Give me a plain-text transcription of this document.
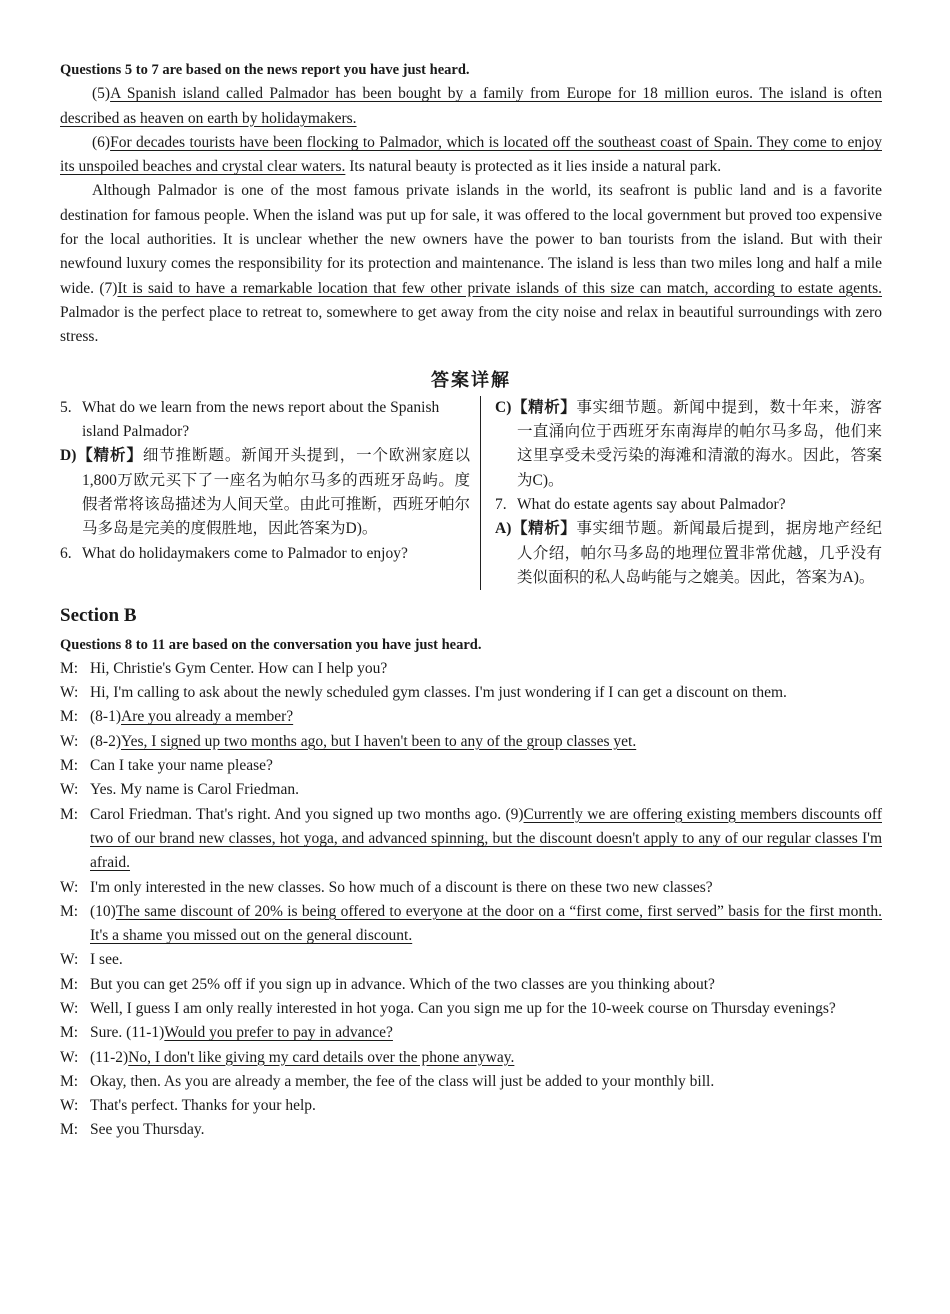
Questions 5 to 7 are based on the news report you have just heard.

(5)A Spanish island called Palmador has been bought by a family from Europe for 18 million euros. The island is often described as heaven on earth by holidaymakers.

(6)For decades tourists have been flocking to Palmador, which is located off the southeast coast of Spain. They come to enjoy its unspoiled beaches and crystal clear waters. Its natural beauty is protected as it lies inside a natural park.

Although Palmador is one of the most famous private islands in the world, its seafront is public land and is a favorite destination for famous people. When the island was put up for sale, it was offered to the local government but proved too expensive for the local authorities. It is unclear whether the new owners have the power to ban tourists from the island. But with their newfound luxury comes the responsibility for its protection and maintenance. The island is less than two miles long and half a mile wide. (7)It is said to have a remarkable location that few other private islands of this size can match, according to estate agents. Palmador is the perfect place to retreat to, somewhere to get away from the city noise and relax in beautiful surroundings with zero stress.

答案详解
5. What do we learn from the news report about the Spanish island Palmador?

D)【精析】细节推断题。新闻开头提到，一个欧洲家庭以1,800万欧元买下了一座名为帕尔马多的西班牙岛屿。度假者常将该岛描述为人间天堂。由此可推断，西班牙帕尔马多岛是完美的度假胜地，因此答案为D)。

6. What do holidaymakers come to Palmador to enjoy?

C)【精析】事实细节题。新闻中提到，数十年来，游客一直涌向位于西班牙东南海岸的帕尔马多岛，他们来这里享受未受污染的海滩和清澈的海水。因此，答案为C)。

7. What do estate agents say about Palmador?

A)【精析】事实细节题。新闻最后提到，据房地产经纪人介绍，帕尔马多岛的地理位置非常优越，几乎没有类似面积的私人岛屿能与之媲美。因此，答案为A)。

Section B

Questions 8 to 11 are based on the conversation you have just heard.

M: Hi, Christie's Gym Center. How can I help you?
W: Hi, I'm calling to ask about the newly scheduled gym classes. I'm just wondering if I can get a discount on them.
M: (8-1)Are you already a member?
W: (8-2)Yes, I signed up two months ago, but I haven't been to any of the group classes yet.
M: Can I take your name please?
W: Yes. My name is Carol Friedman.
M: Carol Friedman. That's right. And you signed up two months ago. (9)Currently we are offering existing members discounts off two of our brand new classes, hot yoga, and advanced spinning, but the discount doesn't apply to any of our regular classes I'm afraid.
W: I'm only interested in the new classes. So how much of a discount is there on these two new classes?
M: (10)The same discount of 20% is being offered to everyone at the door on a “first come, first served” basis for the first month. It's a shame you missed out on the general discount.
W: I see.
M: But you can get 25% off if you sign up in advance. Which of the two classes are you thinking about?
W: Well, I guess I am only really interested in hot yoga. Can you sign me up for the 10-week course on Thursday evenings?
M: Sure. (11-1)Would you prefer to pay in advance?
W: (11-2)No, I don't like giving my card details over the phone anyway.
M: Okay, then. As you are already a member, the fee of the class will just be added to your monthly bill.
W: That's perfect. Thanks for your help.
M: See you Thursday.
